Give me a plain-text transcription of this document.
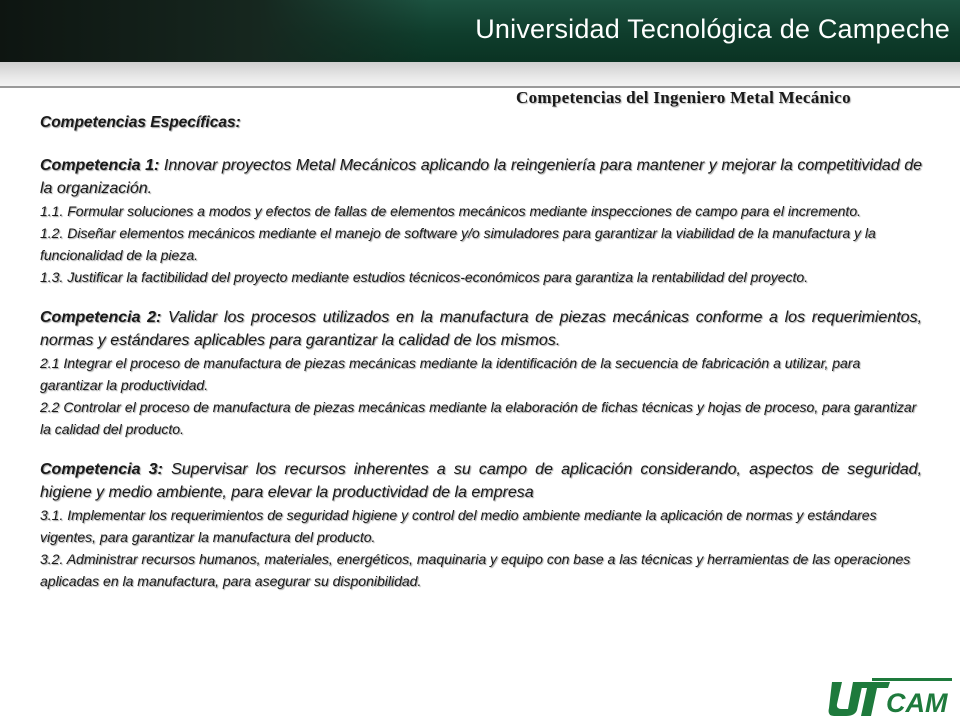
Universidad Tecnológica de Campeche
Competencias del Ingeniero Metal Mecánico

Competencias Específicas:

Competencia 1: Innovar proyectos Metal Mecánicos aplicando la reingeniería para mantener y mejorar la competitividad de la organización.

1.1. Formular soluciones a modos y efectos de fallas de elementos mecánicos mediante inspecciones de campo para el incremento.

1.2. Diseñar elementos mecánicos mediante el manejo de software y/o simuladores para garantizar la viabilidad de la manufactura y la funcionalidad de la pieza.

1.3. Justificar la factibilidad del proyecto mediante estudios técnicos-económicos para garantiza la rentabilidad del proyecto.

Competencia 2: Validar los procesos utilizados en la manufactura de piezas mecánicas conforme a los requerimientos, normas y estándares aplicables para garantizar la calidad de los mismos.

2.1 Integrar el proceso de manufactura de piezas mecánicas mediante la identificación de la secuencia de fabricación a utilizar, para garantizar la productividad.

2.2 Controlar el proceso de manufactura de piezas mecánicas mediante la elaboración de fichas técnicas y hojas de proceso, para garantizar la calidad del producto.

Competencia 3: Supervisar los recursos inherentes a su campo de aplicación considerando, aspectos de seguridad, higiene y medio ambiente, para elevar la productividad de la empresa

3.1. Implementar los requerimientos de seguridad higiene y control del medio ambiente mediante la aplicación de normas y estándares vigentes, para garantizar la manufactura del producto.

3.2. Administrar recursos humanos, materiales, energéticos, maquinaria y equipo con base a las técnicas y herramientas de las operaciones aplicadas en la manufactura, para asegurar su disponibilidad.

CAM
